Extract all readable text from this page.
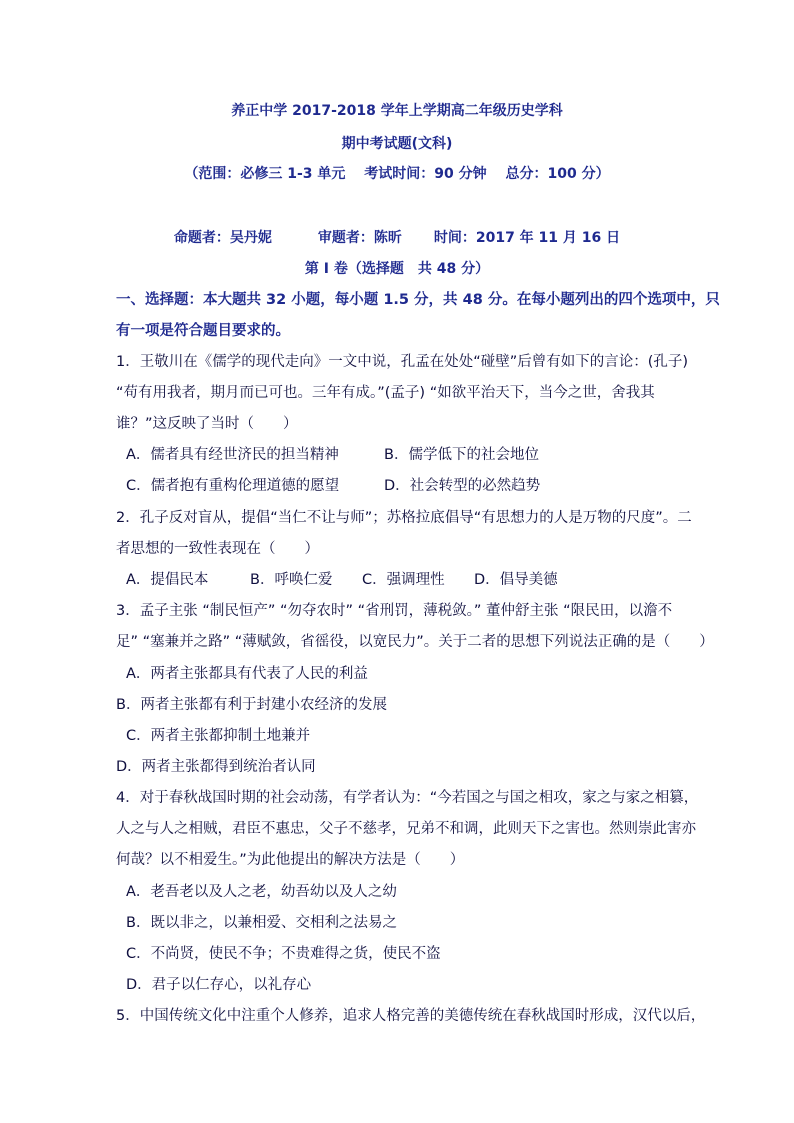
养正中学 2017-2018 学年上学期高二年级历史学科
期中考试题(文科)
（范围：必修三 1-3 单元　 考试时间：90 分钟　 总分：100 分）
命题者：吴丹妮	审题者：陈昕 时间：2017 年 11 月 16 日
第 I 卷（选择题　共 48 分）
一、选择题：本大题共 32 小题，每小题 1.5 分，共 48 分。在每小题列出的四个选项中，只
有一项是符合题目要求的。
1．王敬川在《儒学的现代走向》一文中说，孔孟在处处“碰壁”后曾有如下的言论：(孔子)
“苟有用我者，期月而已可也。三年有成。”(孟子) “如欲平治天下，当今之世，舍我其
谁？”这反映了当时（　　）
A．儒者具有经世济民的担当精神	B．儒学低下的社会地位
C．儒者抱有重构伦理道德的愿望	D．社会转型的必然趋势
2．孔子反对盲从，提倡“当仁不让与师”；苏格拉底倡导“有思想力的人是万物的尺度”。二
者思想的一致性表现在（　　）
A．提倡民本	B．呼唤仁爱 C．强调理性 D．倡导美德
3．孟子主张 “制民恒产” “勿夺农时” “省刑罚，薄税敛。” 董仲舒主张 “限民田，以澹不
足” “塞兼并之路” “薄赋敛，省徭役，以宽民力”。关于二者的思想下列说法正确的是（　　）
A．两者主张都具有代表了人民的利益
B．两者主张都有利于封建小农经济的发展
C．两者主张都抑制土地兼并
D．两者主张都得到统治者认同
4．对于春秋战国时期的社会动荡，有学者认为：“今若国之与国之相攻，家之与家之相篡，
人之与人之相贼，君臣不惠忠，父子不慈孝，兄弟不和调，此则天下之害也。然则崇此害亦
何哉？以不相爱生。”为此他提出的解决方法是（　　）
A．老吾老以及人之老，幼吾幼以及人之幼
B．既以非之，以兼相爱、交相利之法易之
C．不尚贤，使民不争；不贵难得之货，使民不盗
D．君子以仁存心，以礼存心
5．中国传统文化中注重个人修养，追求人格完善的美德传统在春秋战国时形成，汉代以后，
